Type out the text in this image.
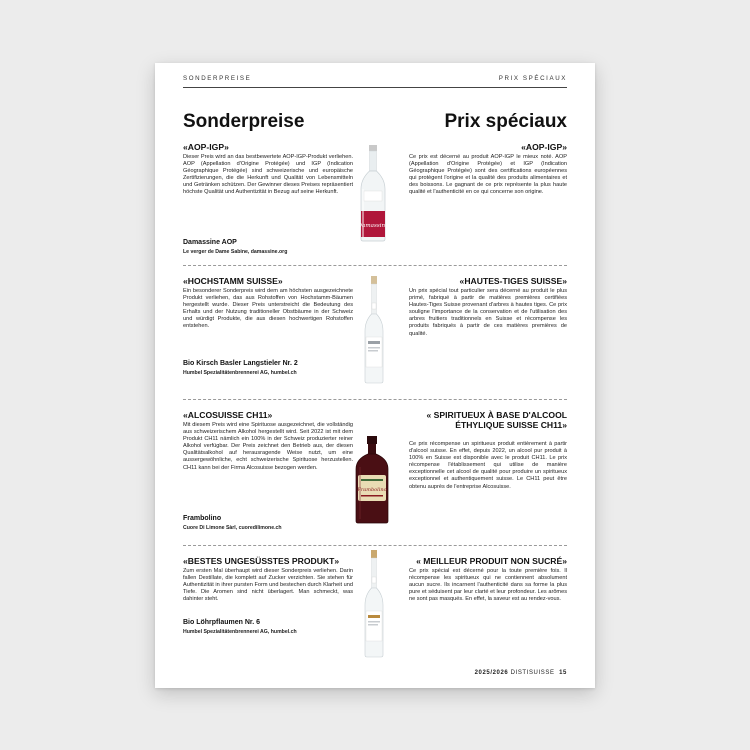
SONDERPREISE	PRIX SPÉCIAUX
Sonderpreise	Prix spéciaux
«AOP-IGP»
Dieser Preis wird an das bestbewertete AOP-IGP-Produkt verliehen. AOP (Appellation d'Origine Protégée) und IGP (Indication Géographique Protégée) sind schweizerische und europäische Zertifizierungen, die die Herkunft und Qualität von Lebensmitteln und Getränken schützen. Der Gewinner dieses Preises repräsentiert höchste Qualität und Authentizität in Bezug auf seine Herkunft.
Damassine AOP
Le verger de Dame Sabine, damassine.org
«AOP-IGP»
Ce prix est décerné au produit AOP-IGP le mieux noté. AOP (Appellation d'Origine Protégée) et IGP (Indication Géographique Protégée) sont des certifications européennes qui protègent l'origine et la qualité des produits alimentaires et des boissons. Le gagnant de ce prix représente la plus haute qualité et l'authenticité en ce qui concerne son origine.
Damassine
«HOCHSTAMM SUISSE»
Ein besonderer Sonderpreis wird dem am höchsten ausgezeichnete Produkt verliehen, das aus Rohstoffen von Hochstamm-Bäumen hergestellt wurde. Dieser Preis unterstreicht die Bedeutung des Erhalts und der Nutzung traditioneller Obstbäume in der Schweiz und würdigt Produkte, die aus diesen hochwertigen Rohstoffen entstehen.
Bio Kirsch Basler Langstieler Nr. 2
Humbel Spezialitätenbrennerei AG, humbel.ch
«HAUTES-TIGES SUISSE»
Un prix spécial tout particulier sera décerné au produit le plus primé, fabriqué à partir de matières premières certifiées Hautes-Tiges Suisse provenant d'arbres à hautes tiges. Ce prix souligne l'importance de la conservation et de l'utilisation des arbres fruitiers traditionnels en Suisse et récompense les produits fabriqués à partir de ces matières premières de qualité.
«ALCOSUISSE CH11»
Mit diesem Preis wird eine Spirituose ausgezeichnet, die vollständig aus schweizerischem Alkohol hergestellt wird. Seit 2022 ist mit dem Produkt CH11 nämlich ein 100% in der Schweiz produzierter reiner Alkohol verfügbar. Der Preis zeichnet den Betrieb aus, der diesen Qualitätsalkohol auf herausragende Weise nutzt, um eine aussergewöhnliche, echt schweizerische Spirituose herzustellen. CH11 kann bei der Firma Alcosuisse bezogen werden.
Frambolino
Cuore Di Limone Sàrl, cuoredilimone.ch
« SPIRITUEUX À BASE D'ALCOOL ÉTHYLIQUE SUISSE CH11»
Ce prix récompense un spiritueux produit entièrement à partir d'alcool suisse. En effet, depuis 2022, un alcool pur produit à 100% en Suisse est disponible avec le produit CH11. Le prix récompense l'établissement qui utilise de manière exceptionnelle cet alcool de qualité pour produire un spiritueux exceptionnel et authentiquement suisse. Le CH11 peut être obtenu auprès de l'entreprise Alcosuisse.
Frambolino
«BESTES UNGESÜSSTES PRODUKT»
Zum ersten Mal überhaupt wird dieser Sonderpreis verliehen. Darin fallen Destillate, die komplett auf Zucker verzichten. Sie stehen für Authentizität in ihrer pursten Form und bestechen durch Klarheit und Tiefe. Die Aromen sind nicht überlagert. Man schmeckt, was dahinter steht.
Bio Löhrpflaumen Nr. 6
Humbel Spezialitätenbrennerei AG, humbel.ch
« MEILLEUR PRODUIT NON SUCRÉ»
Ce prix spécial est décerné pour la toute première fois. Il récompense les spiritueux qui ne contiennent absolument aucun sucre. Ils incarnent l'authenticité dans sa forme la plus pure et séduisent par leur clarté et leur profondeur. Les arômes ne sont pas masqués. En effet, la saveur est au rendez-vous.
2025/2026 DISTISUISSE 15
